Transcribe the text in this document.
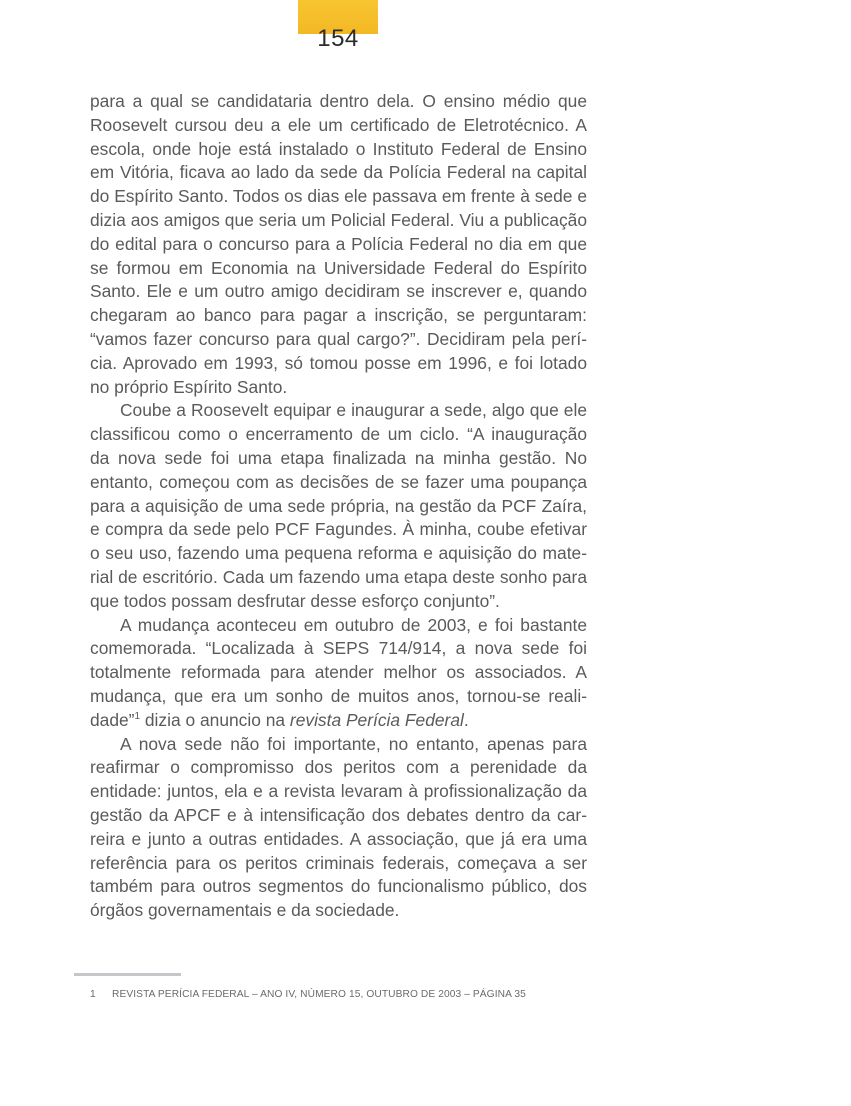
154

para a qual se candidataria dentro dela. O ensino médio que Roosevelt cursou deu a ele um certificado de Eletrotécnico. A escola, onde hoje está instalado o Instituto Federal de Ensino em Vitória, ficava ao lado da sede da Polícia Federal na capital do Espírito Santo. Todos os dias ele passava em frente à sede e dizia aos amigos que seria um Policial Federal. Viu a publicação do edital para o concurso para a Polícia Federal no dia em que se formou em Economia na Universidade Federal do Espírito Santo. Ele e um outro amigo decidiram se inscrever e, quando chegaram ao banco para pagar a inscrição, se perguntaram: “vamos fazer concurso para qual cargo?”. Decidiram pela perícia. Aprovado em 1993, só tomou posse em 1996, e foi lotado no próprio Espírito Santo.

Coube a Roosevelt equipar e inaugurar a sede, algo que ele classificou como o encerramento de um ciclo. “A inauguração da nova sede foi uma etapa finalizada na minha gestão. No entanto, começou com as decisões de se fazer uma poupança para a aquisição de uma sede própria, na gestão da PCF Zaíra, e compra da sede pelo PCF Fagundes. À minha, coube efetivar o seu uso, fazendo uma pequena reforma e aquisição do material de escritório. Cada um fazendo uma etapa deste sonho para que todos possam desfrutar desse esforço conjunto”.

A mudança aconteceu em outubro de 2003, e foi bastante comemorada. “Localizada à SEPS 714/914, a nova sede foi totalmente reformada para atender melhor os associados. A mudança, que era um sonho de muitos anos, tornou-se realidade”$^1$ dizia o anuncio na revista Perícia Federal.

A nova sede não foi importante, no entanto, apenas para reafirmar o compromisso dos peritos com a perenidade da entidade: juntos, ela e a revista levaram à profissionalização da gestão da APCF e à intensificação dos debates dentro da carreira e junto a outras entidades. A associação, que já era uma referência para os peritos criminais federais, começava a ser também para outros segmentos do funcionalismo público, dos órgãos governamentais e da sociedade.

1 REVISTA PERÍCIA FEDERAL – ANO IV, NÚMERO 15, OUTUBRO DE 2003 – PÁGINA 35
